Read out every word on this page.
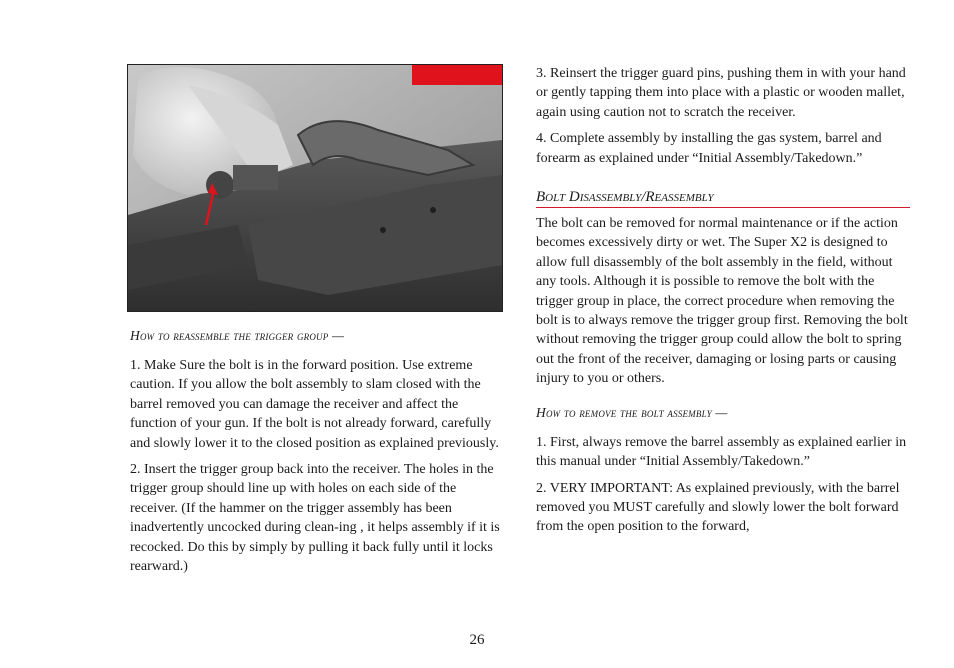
How to reassemble the trigger group —

1. Make Sure the bolt is in the forward position. Use extreme caution. If you allow the bolt assembly to slam closed with the barrel removed you can damage the receiver and affect the function of your gun. If the bolt is not already forward, carefully and slowly lower it to the closed position as explained previously.

2. Insert the trigger group back into the receiver. The holes in the trigger group should line up with holes on each side of the receiver. (If the hammer on the trigger assembly has been inadvertently uncocked during clean-ing , it helps assembly if it is recocked. Do this by simply by pulling it back fully until it locks rearward.)

3. Reinsert the trigger guard pins, pushing them in with your hand or gently tapping them into place with a plastic or wooden mallet, again using caution not to scratch the receiver.

4. Complete assembly by installing the gas system, barrel and forearm as explained under “Initial Assembly/Takedown.”

Bolt Disassembly/Reassembly

The bolt can be removed for normal maintenance or if the action becomes excessively dirty or wet. The Super X2 is designed to allow full disassembly of the bolt assembly in the field, without any tools. Although it is possible to remove the bolt with the trigger group in place, the correct procedure when removing the bolt is to always remove the trigger group first. Removing the bolt without removing the trigger group could allow the bolt to spring out the front of the receiver, damaging or losing parts or causing injury to you or others.

How to remove the bolt assembly —

1. First, always remove the barrel assembly as explained earlier in this manual under “Initial Assembly/Takedown.”

2. VERY IMPORTANT: As explained previously, with the barrel removed you MUST carefully and slowly lower the bolt forward from the open position to the forward,

26
